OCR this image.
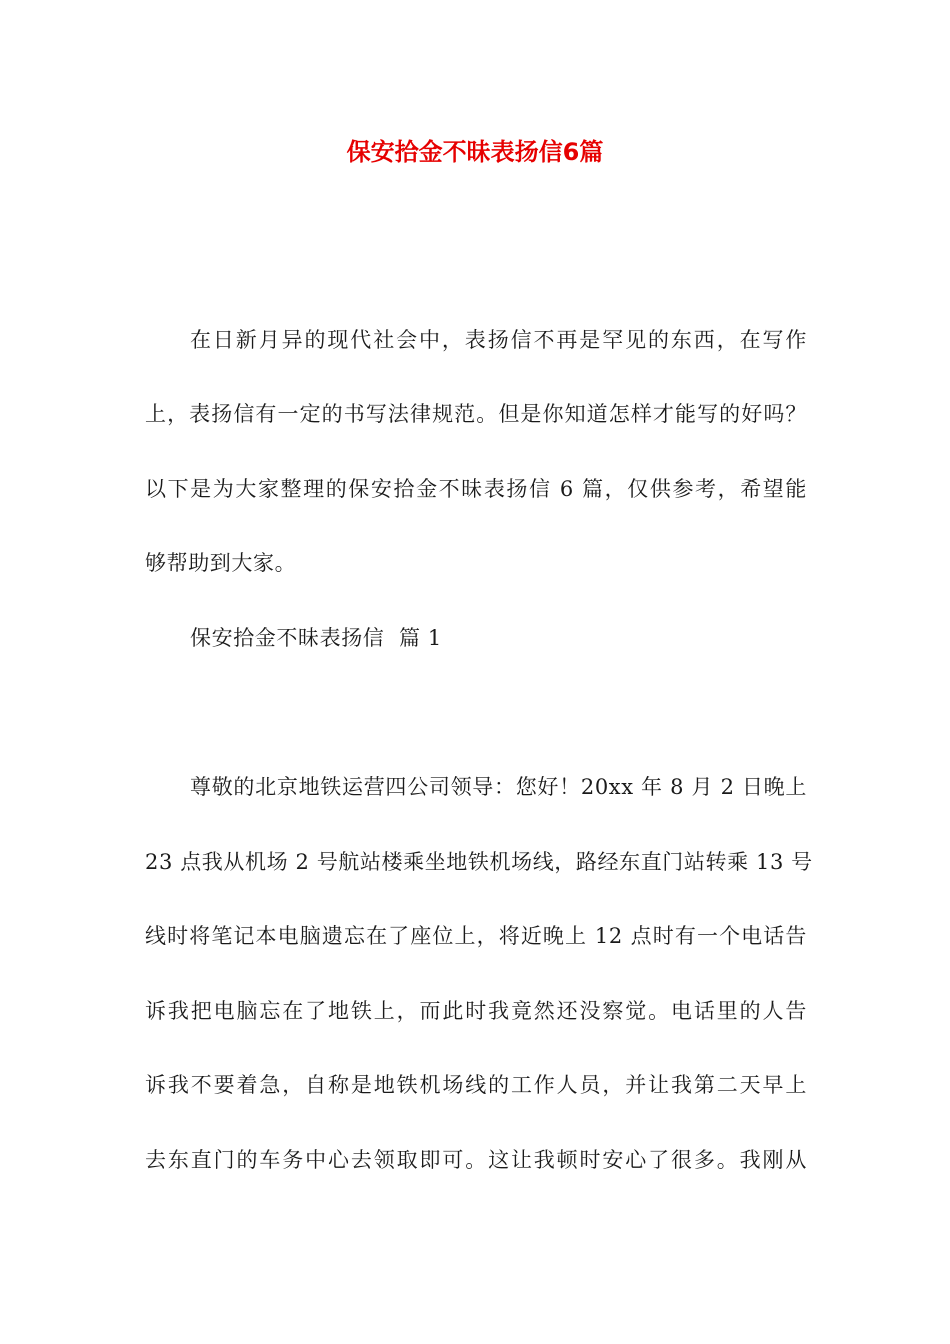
保安拾金不昧表扬信6篇
在日新月异的现代社会中，表扬信不再是罕见的东西，在写作
上，表扬信有一定的书写法律规范。但是你知道怎样才能写的好吗？
以下是为大家整理的保安拾金不昧表扬信 6 篇，仅供参考，希望能
够帮助到大家。
保安拾金不昧表扬信  篇 1
尊敬的北京地铁运营四公司领导：您好！20xx 年 8 月 2 日晚上
23 点我从机场 2 号航站楼乘坐地铁机场线，路经东直门站转乘 13 号
线时将笔记本电脑遗忘在了座位上，将近晚上 12 点时有一个电话告
诉我把电脑忘在了地铁上，而此时我竟然还没察觉。电话里的人告
诉我不要着急，自称是地铁机场线的工作人员，并让我第二天早上
去东直门的车务中心去领取即可。这让我顿时安心了很多。我刚从
